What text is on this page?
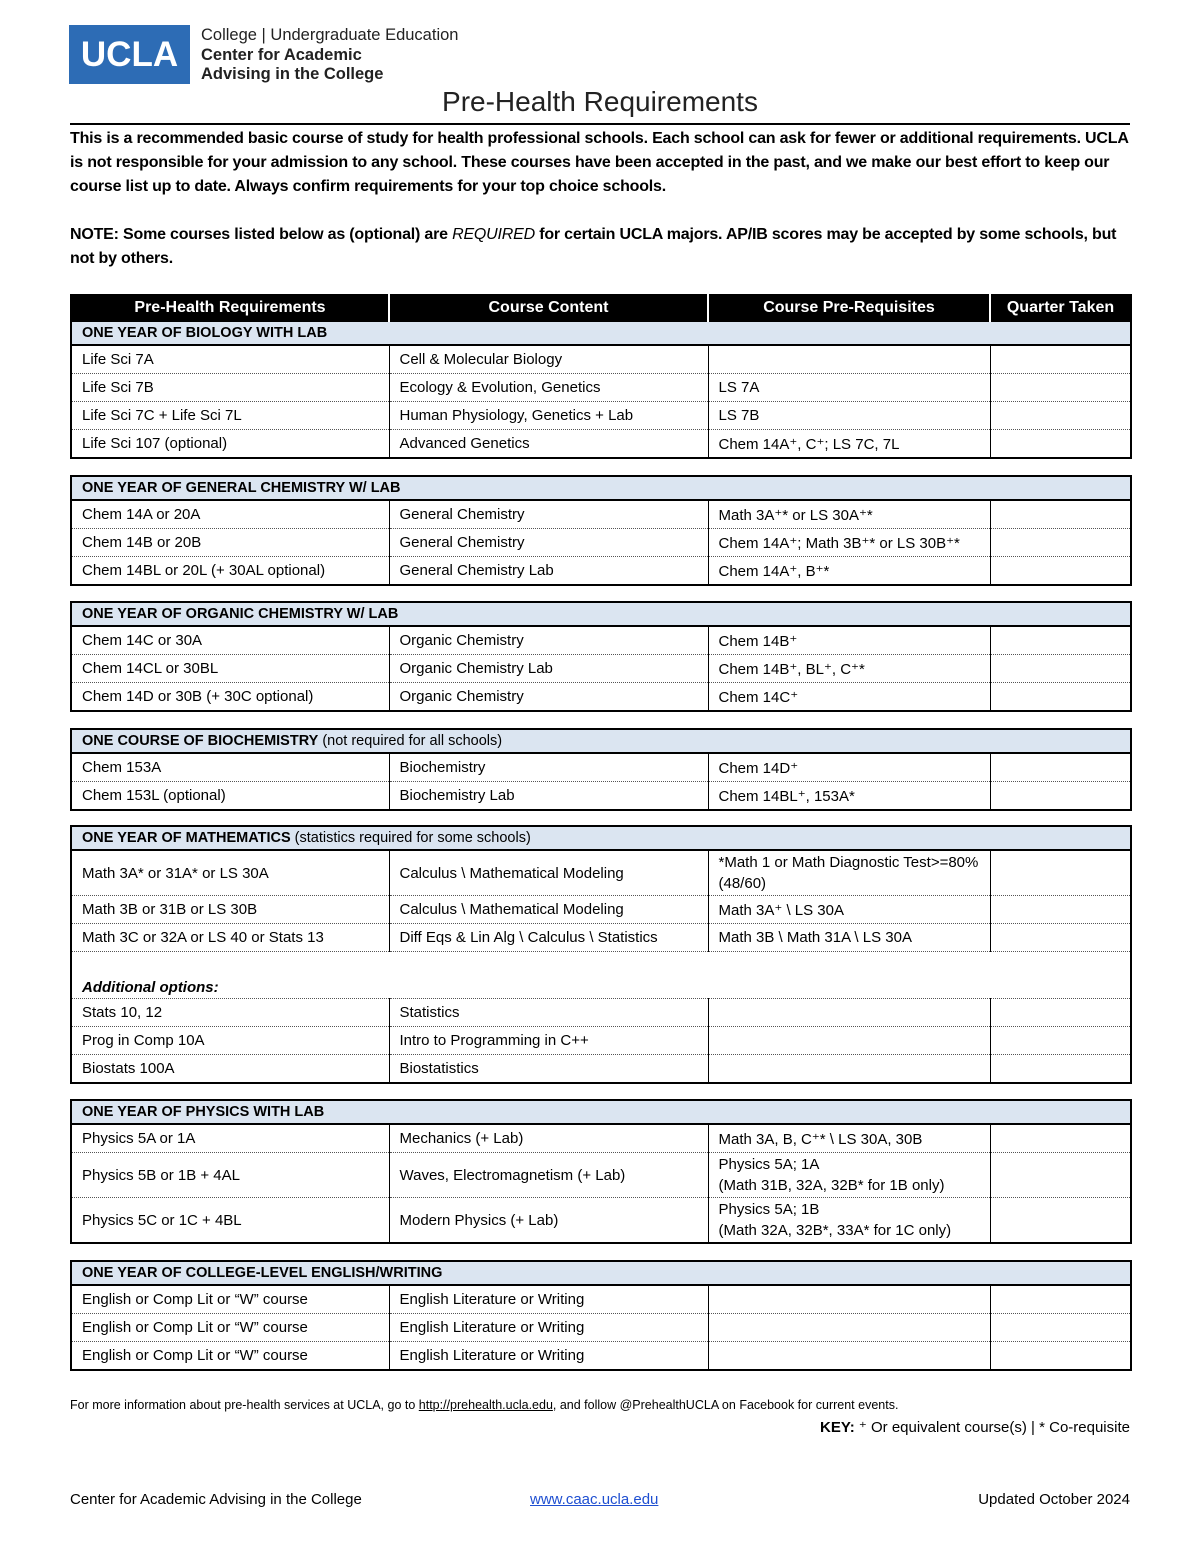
UCLA	College | Undergraduate Education
Center for Academic
Advising in the College
Pre-Health Requirements
This is a recommended basic course of study for health professional schools. Each school can ask for fewer or additional requirements. UCLA is not responsible for your admission to any school. These courses have been accepted in the past, and we make our best effort to keep our course list up to date. Always confirm requirements for your top choice schools.
NOTE: Some courses listed below as (optional) are REQUIRED for certain UCLA majors. AP/IB scores may be accepted by some schools, but not by others.
Pre-Health Requirements	Course Content	Course Pre-Requisites	Quarter Taken
ONE YEAR OF BIOLOGY WITH LAB			
Life Sci 7A	Cell & Molecular Biology		
Life Sci 7B	Ecology & Evolution, Genetics	LS 7A	
Life Sci 7C + Life Sci 7L	Human Physiology, Genetics + Lab	LS 7B	
Life Sci 107 (optional)	Advanced Genetics	Chem 14A⁺, C⁺; LS 7C, 7L	
ONE YEAR OF GENERAL CHEMISTRY W/ LAB			
Chem 14A or 20A	General Chemistry	Math 3A⁺* or LS 30A⁺*	
Chem 14B or 20B	General Chemistry	Chem 14A⁺; Math 3B⁺* or LS 30B⁺*	
Chem 14BL or 20L (+ 30AL optional)	General Chemistry Lab	Chem 14A⁺, B⁺*	
ONE YEAR OF ORGANIC CHEMISTRY W/ LAB			
Chem 14C or 30A	Organic Chemistry	Chem 14B⁺	
Chem 14CL or 30BL	Organic Chemistry Lab	Chem 14B⁺, BL⁺, C⁺*	
Chem 14D or 30B (+ 30C optional)	Organic Chemistry	Chem 14C⁺	
ONE COURSE OF BIOCHEMISTRY (not required for all schools)			
Chem 153A	Biochemistry	Chem 14D⁺	
Chem 153L (optional)	Biochemistry Lab	Chem 14BL⁺, 153A*	
ONE YEAR OF MATHEMATICS (statistics required for some schools)			
Math 3A* or 31A* or LS 30A	Calculus \ Mathematical Modeling	*Math 1 or Math Diagnostic Test>=80% (48/60)	
Math 3B or 31B or LS 30B	Calculus \ Mathematical Modeling	Math 3A⁺ \ LS 30A	
Math 3C or 32A or LS 40 or Stats 13	Diff Eqs & Lin Alg \ Calculus \ Statistics	Math 3B \ Math 31A \ LS 30A	
Additional options:			
Stats 10, 12	Statistics		
Prog in Comp 10A	Intro to Programming in C++		
Biostats 100A	Biostatistics		
ONE YEAR OF PHYSICS WITH LAB			
Physics 5A or 1A	Mechanics (+ Lab)	Math 3A, B, C⁺* \ LS 30A, 30B	
Physics 5B or 1B + 4AL	Waves, Electromagnetism (+ Lab)	Physics 5A; 1A
(Math 31B, 32A, 32B* for 1B only)	
Physics 5C or 1C + 4BL	Modern Physics (+ Lab)	Physics 5A; 1B
(Math 32A, 32B*, 33A* for 1C only)	
ONE YEAR OF COLLEGE-LEVEL ENGLISH/WRITING			
English or Comp Lit or “W” course	English Literature or Writing		
English or Comp Lit or “W” course	English Literature or Writing		
English or Comp Lit or “W” course	English Literature or Writing		
For more information about pre-health services at UCLA, go to http://prehealth.ucla.edu, and follow @PrehealthUCLA on Facebook for current events.
KEY: ⁺ Or equivalent course(s) | * Co-requisite
Center for Academic Advising in the College	www.caac.ucla.edu	Updated October 2024
